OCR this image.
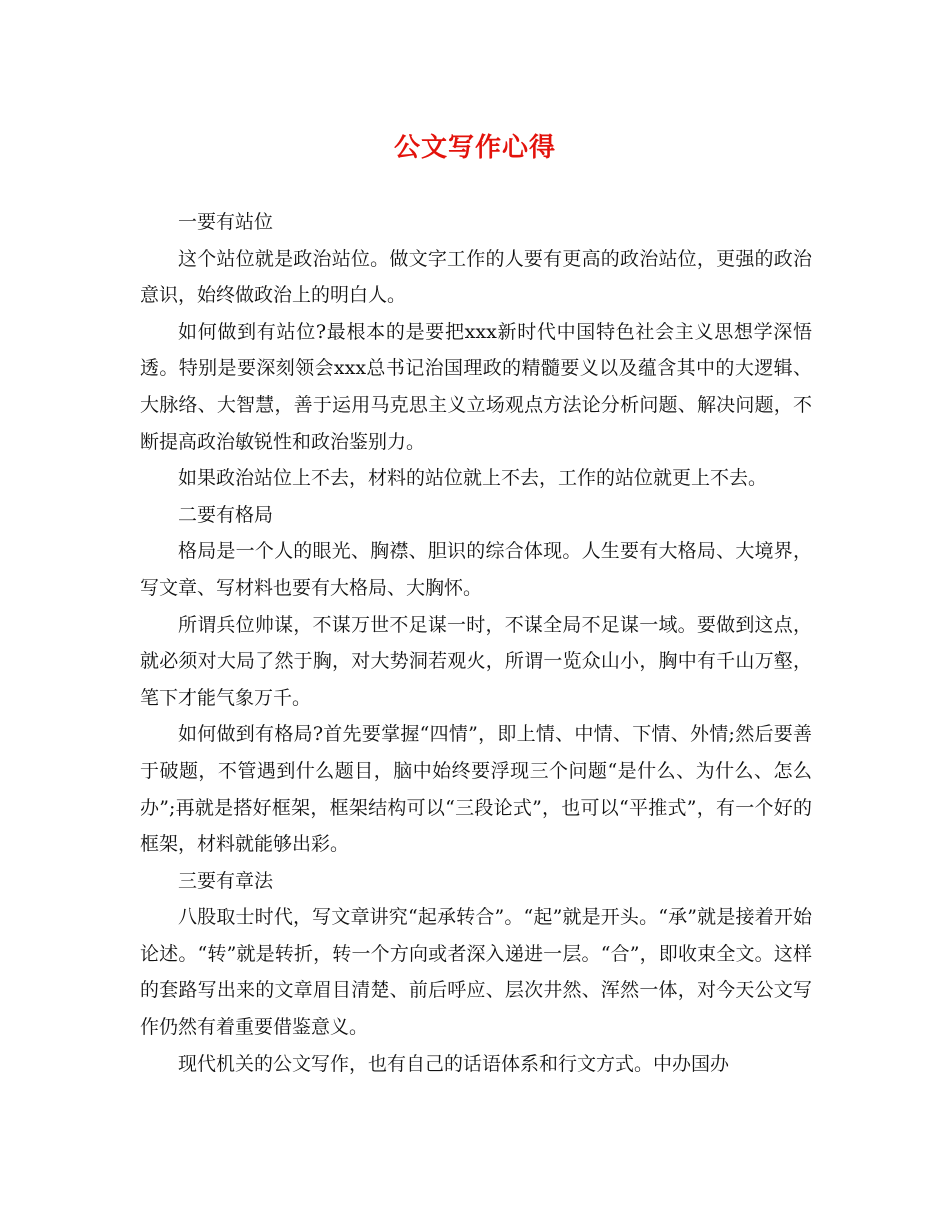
公文写作心得

一要有站位

这个站位就是政治站位。做文字工作的人要有更高的政治站位，更强的政治意识，始终做政治上的明白人。

如何做到有站位?最根本的是要把xxx新时代中国特色社会主义思想学深悟透。特别是要深刻领会xxx总书记治国理政的精髓要义以及蕴含其中的大逻辑、大脉络、大智慧，善于运用马克思主义立场观点方法论分析问题、解决问题，不断提高政治敏锐性和政治鉴别力。

如果政治站位上不去，材料的站位就上不去，工作的站位就更上不去。

二要有格局

格局是一个人的眼光、胸襟、胆识的综合体现。人生要有大格局、大境界，写文章、写材料也要有大格局、大胸怀。

所谓兵位帅谋，不谋万世不足谋一时，不谋全局不足谋一域。要做到这点，就必须对大局了然于胸，对大势洞若观火，所谓一览众山小，胸中有千山万壑，笔下才能气象万千。

如何做到有格局?首先要掌握“四情”，即上情、中情、下情、外情;然后要善于破题，不管遇到什么题目，脑中始终要浮现三个问题“是什么、为什么、怎么办”;再就是搭好框架，框架结构可以“三段论式”，也可以“平推式”，有一个好的框架，材料就能够出彩。

三要有章法

八股取士时代，写文章讲究“起承转合”。“起”就是开头。“承”就是接着开始论述。“转”就是转折，转一个方向或者深入递进一层。“合”，即收束全文。这样的套路写出来的文章眉目清楚、前后呼应、层次井然、浑然一体，对今天公文写作仍然有着重要借鉴意义。

现代机关的公文写作，也有自己的话语体系和行文方式。中办国办
